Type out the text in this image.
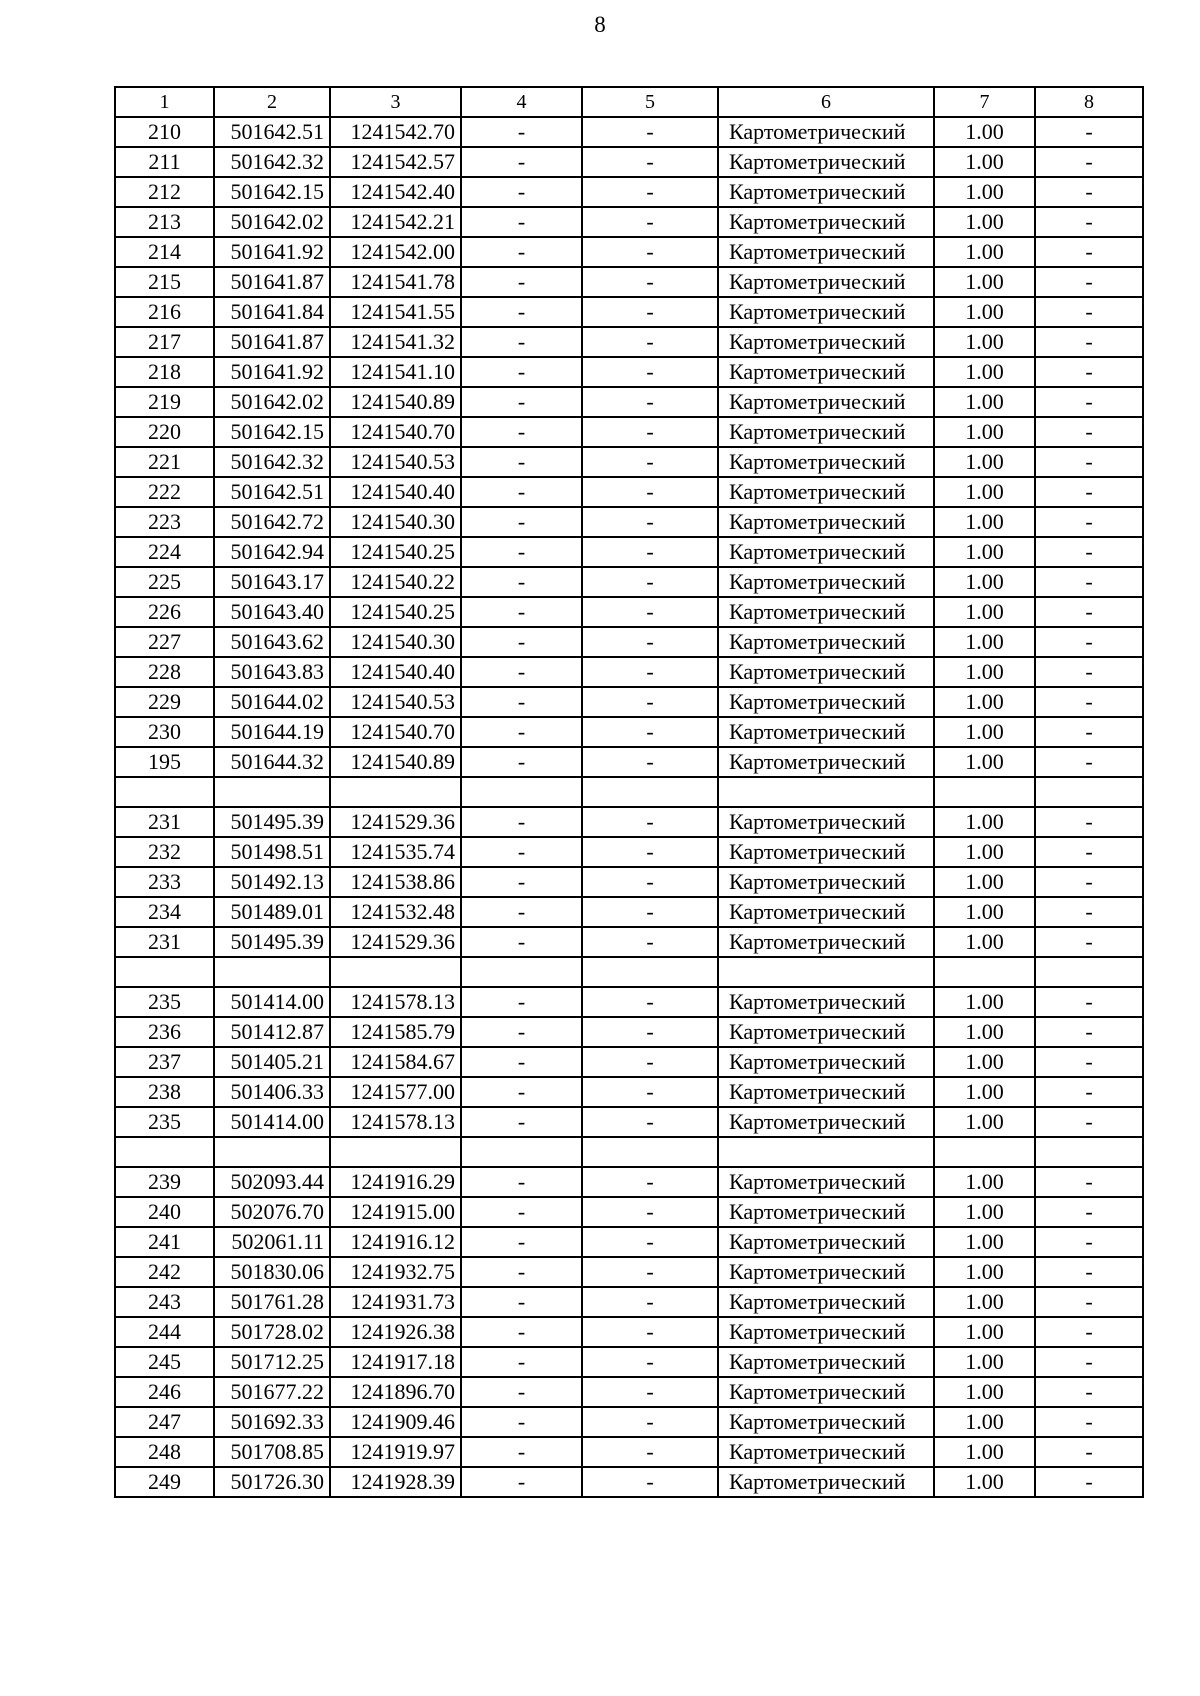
8
1	2	3	4	5	6	7	8
210	501642.51	1241542.70	-	-	Картометрический	1.00	-
211	501642.32	1241542.57	-	-	Картометрический	1.00	-
212	501642.15	1241542.40	-	-	Картометрический	1.00	-
213	501642.02	1241542.21	-	-	Картометрический	1.00	-
214	501641.92	1241542.00	-	-	Картометрический	1.00	-
215	501641.87	1241541.78	-	-	Картометрический	1.00	-
216	501641.84	1241541.55	-	-	Картометрический	1.00	-
217	501641.87	1241541.32	-	-	Картометрический	1.00	-
218	501641.92	1241541.10	-	-	Картометрический	1.00	-
219	501642.02	1241540.89	-	-	Картометрический	1.00	-
220	501642.15	1241540.70	-	-	Картометрический	1.00	-
221	501642.32	1241540.53	-	-	Картометрический	1.00	-
222	501642.51	1241540.40	-	-	Картометрический	1.00	-
223	501642.72	1241540.30	-	-	Картометрический	1.00	-
224	501642.94	1241540.25	-	-	Картометрический	1.00	-
225	501643.17	1241540.22	-	-	Картометрический	1.00	-
226	501643.40	1241540.25	-	-	Картометрический	1.00	-
227	501643.62	1241540.30	-	-	Картометрический	1.00	-
228	501643.83	1241540.40	-	-	Картометрический	1.00	-
229	501644.02	1241540.53	-	-	Картометрический	1.00	-
230	501644.19	1241540.70	-	-	Картометрический	1.00	-
195	501644.32	1241540.89	-	-	Картометрический	1.00	-

231	501495.39	1241529.36	-	-	Картометрический	1.00	-
232	501498.51	1241535.74	-	-	Картометрический	1.00	-
233	501492.13	1241538.86	-	-	Картометрический	1.00	-
234	501489.01	1241532.48	-	-	Картометрический	1.00	-
231	501495.39	1241529.36	-	-	Картометрический	1.00	-

235	501414.00	1241578.13	-	-	Картометрический	1.00	-
236	501412.87	1241585.79	-	-	Картометрический	1.00	-
237	501405.21	1241584.67	-	-	Картометрический	1.00	-
238	501406.33	1241577.00	-	-	Картометрический	1.00	-
235	501414.00	1241578.13	-	-	Картометрический	1.00	-

239	502093.44	1241916.29	-	-	Картометрический	1.00	-
240	502076.70	1241915.00	-	-	Картометрический	1.00	-
241	502061.11	1241916.12	-	-	Картометрический	1.00	-
242	501830.06	1241932.75	-	-	Картометрический	1.00	-
243	501761.28	1241931.73	-	-	Картометрический	1.00	-
244	501728.02	1241926.38	-	-	Картометрический	1.00	-
245	501712.25	1241917.18	-	-	Картометрический	1.00	-
246	501677.22	1241896.70	-	-	Картометрический	1.00	-
247	501692.33	1241909.46	-	-	Картометрический	1.00	-
248	501708.85	1241919.97	-	-	Картометрический	1.00	-
249	501726.30	1241928.39	-	-	Картометрический	1.00	-
